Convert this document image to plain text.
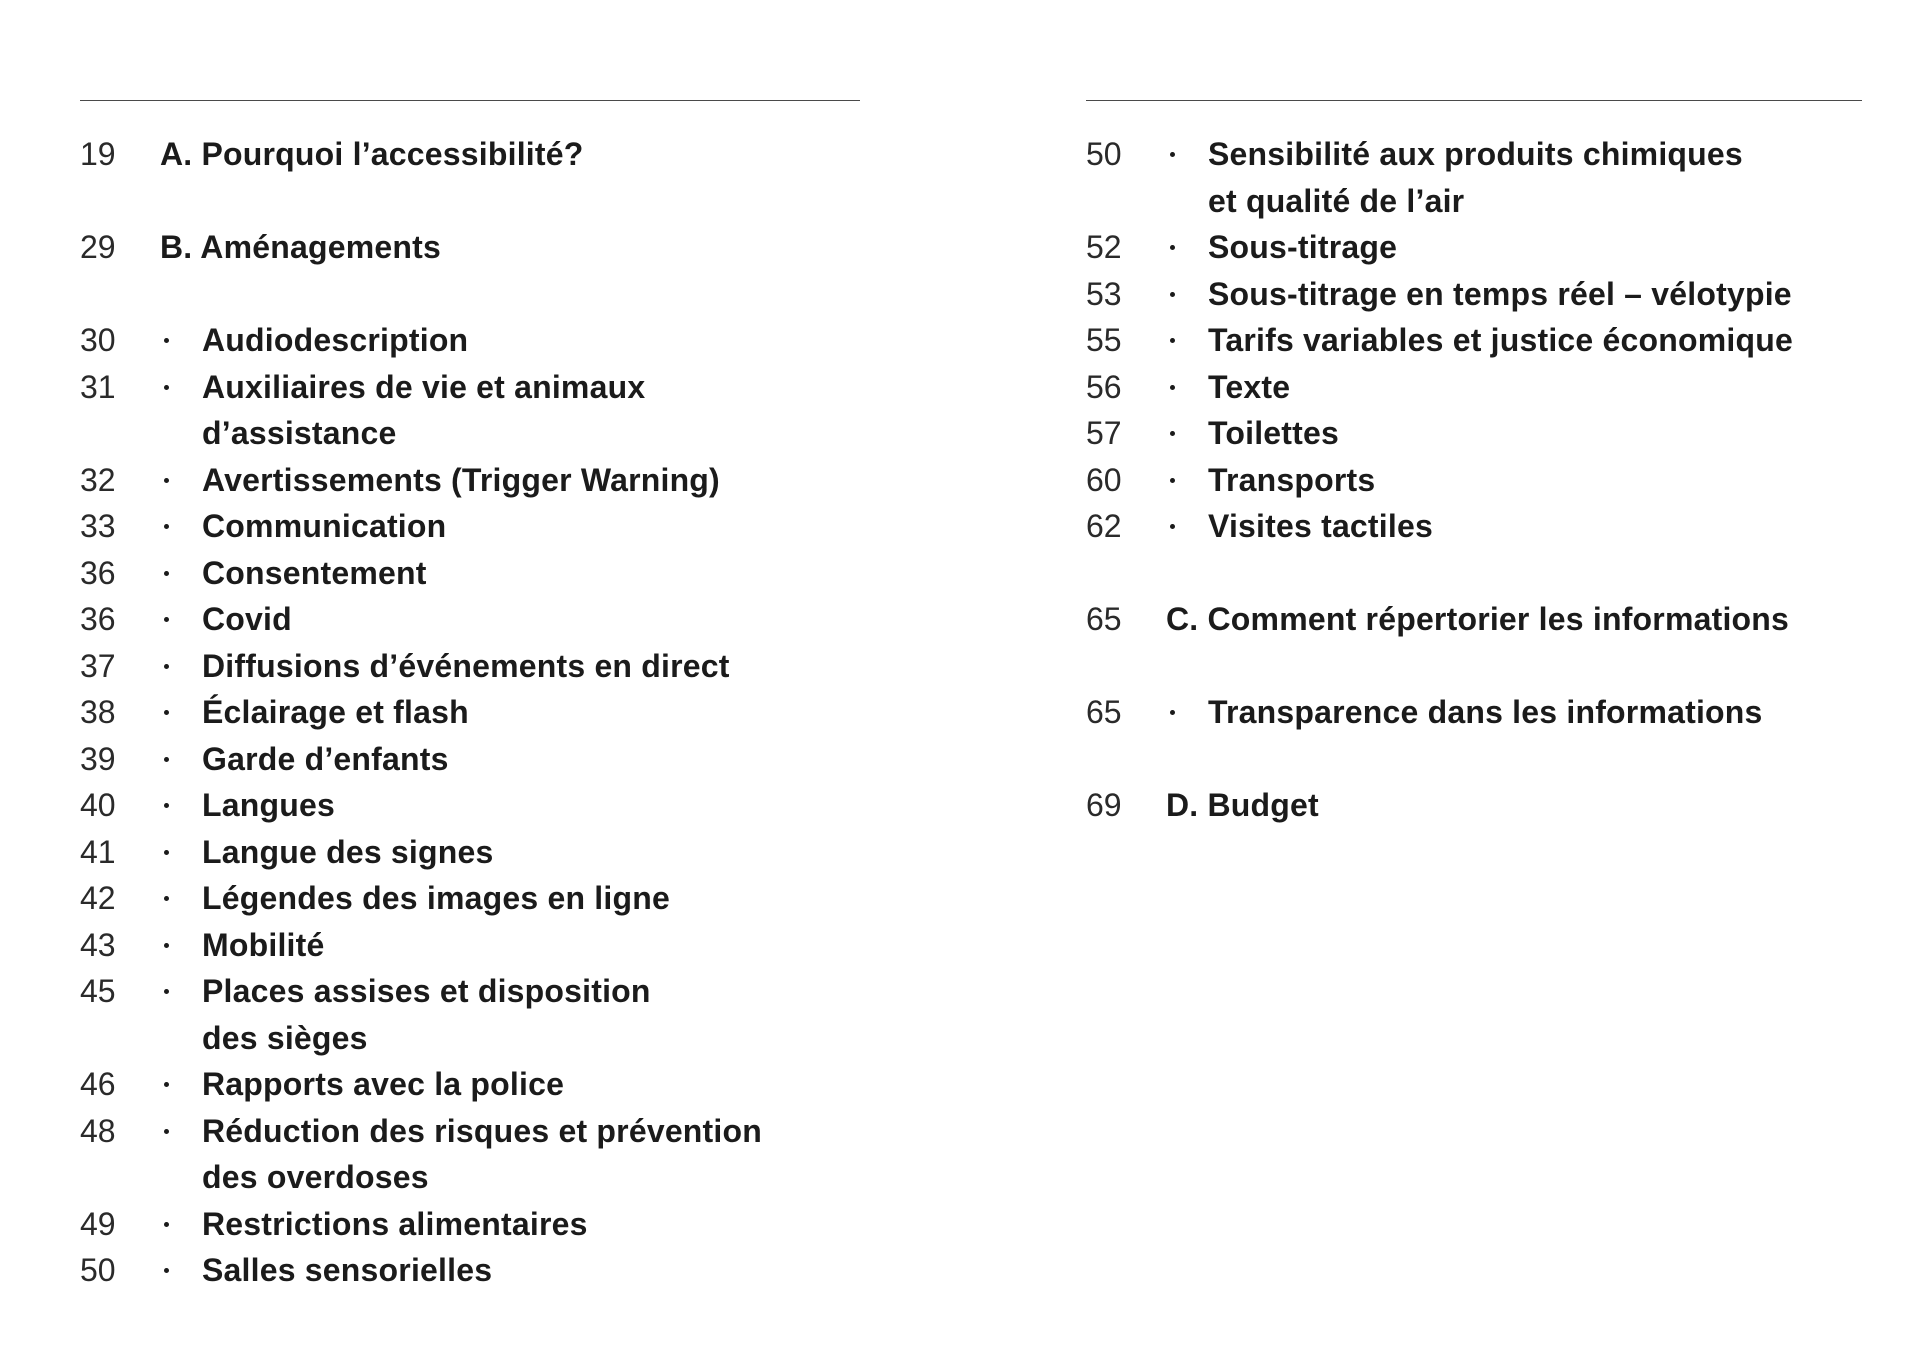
19	A. Pourquoi l’accessibilité?
29	B. Aménagements
30	Audiodescription
31	Auxiliaires de vie et animaux
d’assistance
32	Avertissements (Trigger Warning)
33	Communication
36	Consentement
36	Covid
37	Diffusions d’événements en direct
38	Éclairage et flash
39	Garde d’enfants
40	Langues
41	Langue des signes
42	Légendes des images en ligne
43	Mobilité
45	Places assises et disposition
des sièges
46	Rapports avec la police
48	Réduction des risques et prévention
des overdoses
49	Restrictions alimentaires
50	Salles sensorielles
50	Sensibilité aux produits chimiques
et qualité de l’air
52	Sous-titrage
53	Sous-titrage en temps réel – vélotypie
55	Tarifs variables et justice économique
56	Texte
57	Toilettes
60	Transports
62	Visites tactiles
65	C. Comment répertorier les informations
65	Transparence dans les informations
69	D. Budget
